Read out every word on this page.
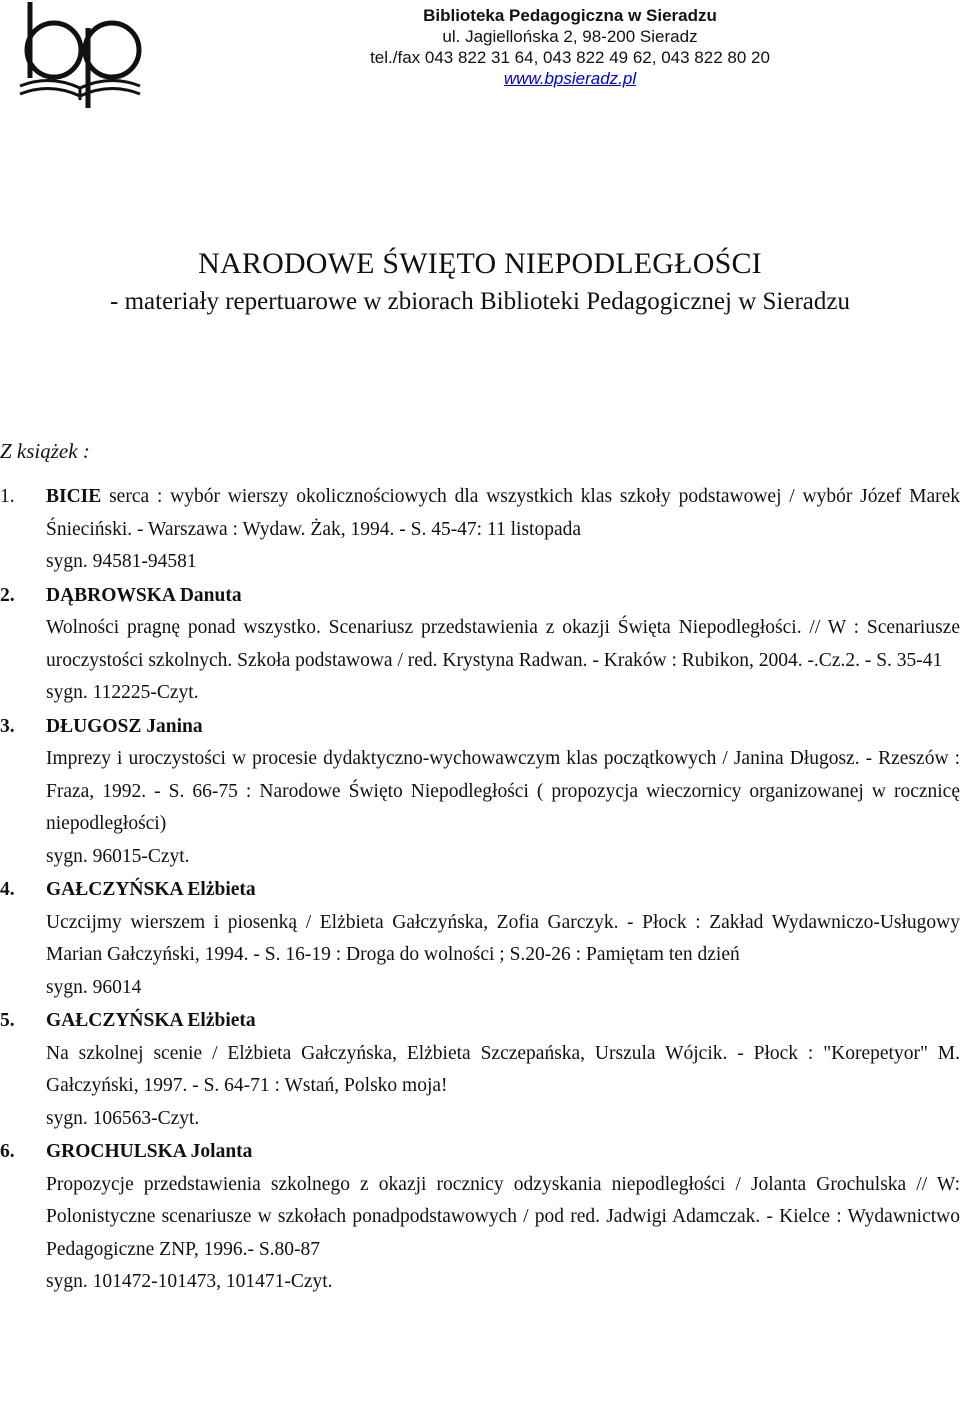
Biblioteka Pedagogiczna w Sieradzu
ul. Jagiellońska 2, 98-200 Sieradz
tel./fax 043 822 31 64, 043 822 49 62, 043 822 80 20
www.bpsieradz.pl
NARODOWE ŚWIĘTO NIEPODLEGŁOŚCI
- materiały repertuarowe w zbiorach Biblioteki Pedagogicznej w Sieradzu
Z książek :
1.	BICIE serca : wybór wierszy okolicznościowych dla wszystkich klas szkoły podstawowej / wybór Józef Marek Śnieciński. - Warszawa : Wydaw. Żak, 1994. - S. 45-47: 11 listopada
sygn. 94581-94581
2.	DĄBROWSKA Danuta
Wolności pragnę ponad wszystko. Scenariusz przedstawienia z okazji Święta Niepodległości. // W : Scenariusze uroczystości szkolnych. Szkoła podstawowa / red. Krystyna Radwan. - Kraków : Rubikon, 2004. -.Cz.2. - S. 35-41
sygn. 112225-Czyt.
3.	DŁUGOSZ Janina
Imprezy i uroczystości w procesie dydaktyczno-wychowawczym klas początkowych / Janina Długosz. - Rzeszów : Fraza, 1992. - S. 66-75 : Narodowe Święto Niepodległości ( propozycja wieczornicy organizowanej w rocznicę niepodległości)
sygn. 96015-Czyt.
4.	GAŁCZYŃSKA Elżbieta
Uczcijmy wierszem i piosenką / Elżbieta Gałczyńska, Zofia Garczyk. - Płock : Zakład Wydawniczo-Usługowy Marian Gałczyński, 1994. - S. 16-19 : Droga do wolności ; S.20-26 : Pamiętam ten dzień
sygn. 96014
5.	GAŁCZYŃSKA Elżbieta
Na szkolnej scenie / Elżbieta Gałczyńska, Elżbieta Szczepańska, Urszula Wójcik. - Płock : "Korepetyor" M. Gałczyński, 1997. - S. 64-71 : Wstań, Polsko moja!
sygn. 106563-Czyt.
6.	GROCHULSKA Jolanta
Propozycje przedstawienia szkolnego z okazji rocznicy odzyskania niepodległości / Jolanta Grochulska // W: Polonistyczne scenariusze w szkołach ponadpodstawowych / pod red. Jadwigi Adamczak. - Kielce : Wydawnictwo Pedagogiczne ZNP, 1996.- S.80-87
sygn. 101472-101473, 101471-Czyt.
